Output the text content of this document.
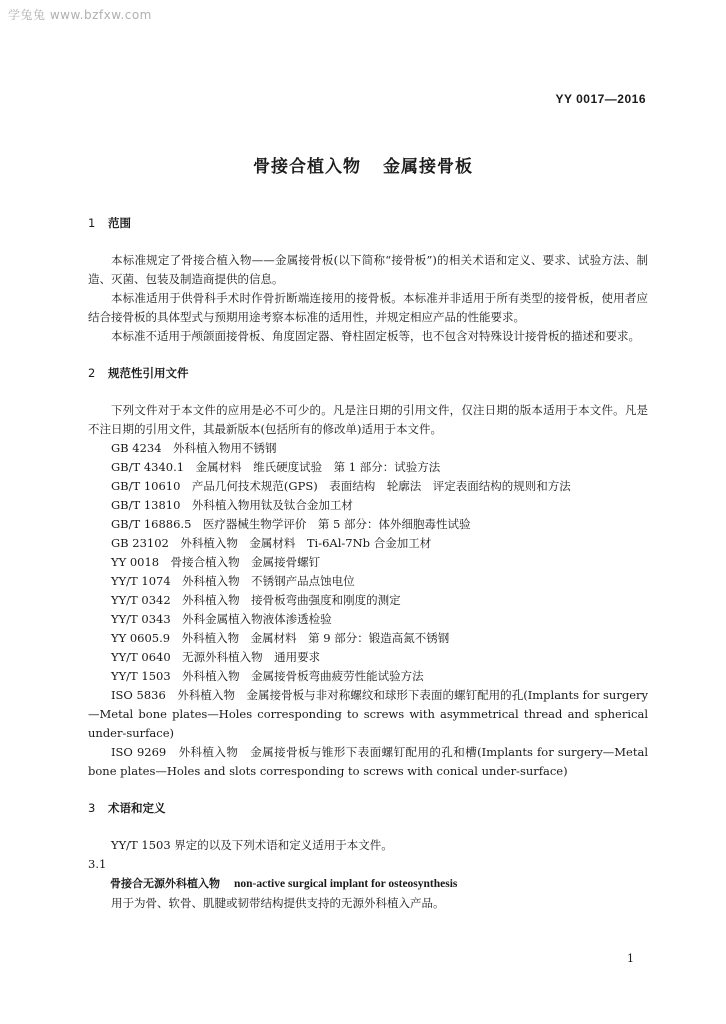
学兔兔 www.bzfxw.com
YY 0017—2016
骨接合植入物 金属接骨板
1 范围

本标准规定了骨接合植入物——金属接骨板(以下简称“接骨板”)的相关术语和定义、要求、试验方法、制造、灭菌、包装及制造商提供的信息。

本标准适用于供骨科手术时作骨折断端连接用的接骨板。本标准并非适用于所有类型的接骨板，使用者应结合接骨板的具体型式与预期用途考察本标准的适用性，并规定相应产品的性能要求。

本标准不适用于颅颌面接骨板、角度固定器、脊柱固定板等，也不包含对特殊设计接骨板的描述和要求。

2 规范性引用文件

下列文件对于本文件的应用是必不可少的。凡是注日期的引用文件，仅注日期的版本适用于本文件。凡是不注日期的引用文件，其最新版本(包括所有的修改单)适用于本文件。

GB 4234　外科植入物用不锈钢
GB/T 4340.1　金属材料　维氏硬度试验　第 1 部分：试验方法
GB/T 10610　产品几何技术规范(GPS)　表面结构　轮廓法　评定表面结构的规则和方法
GB/T 13810　外科植入物用钛及钛合金加工材
GB/T 16886.5　医疗器械生物学评价　第 5 部分：体外细胞毒性试验
GB 23102　外科植入物　金属材料　Ti-6Al-7Nb 合金加工材
YY 0018　骨接合植入物　金属接骨螺钉
YY/T 1074　外科植入物　不锈钢产品点蚀电位
YY/T 0342　外科植入物　接骨板弯曲强度和刚度的测定
YY/T 0343　外科金属植入物液体渗透检验
YY 0605.9　外科植入物　金属材料　第 9 部分：锻造高氮不锈钢
YY/T 0640　无源外科植入物　通用要求
YY/T 1503　外科植入物　金属接骨板弯曲疲劳性能试验方法

ISO 5836　外科植入物　金属接骨板与非对称螺纹和球形下表面的螺钉配用的孔(Implants for surgery—Metal bone plates—Holes corresponding to screws with asymmetrical thread and spherical under-surface)

ISO 9269　外科植入物　金属接骨板与锥形下表面螺钉配用的孔和槽(Implants for surgery—Metal bone plates—Holes and slots corresponding to screws with conical under-surface)

3 术语和定义

YY/T 1503 界定的以及下列术语和定义适用于本文件。

3.1
骨接合无源外科植入物 non-active surgical implant for osteosynthesis

用于为骨、软骨、肌腱或韧带结构提供支持的无源外科植入产品。

1
